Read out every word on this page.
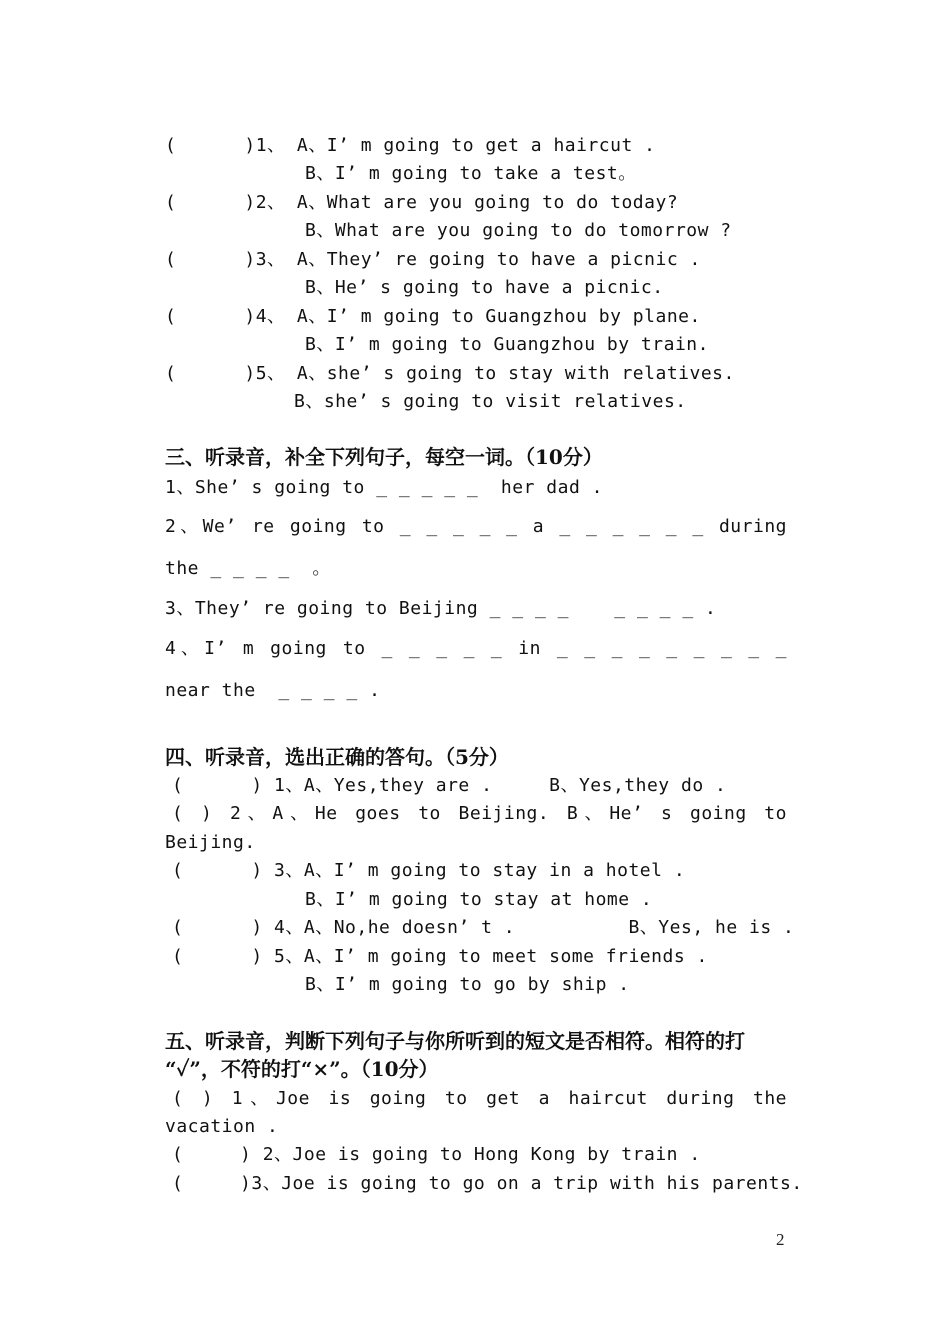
(      )1、 A、I’ m going to get a haircut .
B、I’ m going to take a test。
(      )2、 A、What are you going to do today?
B、What are you going to do tomorrow ?
(      )3、 A、They’ re going to have a picnic .
B、He’ s going to have a picnic.
(      )4、 A、I’ m going to Guangzhou by plane.
B、I’ m going to Guangzhou by train.
(      )5、 A、she’ s going to stay with relatives.
B、she’ s going to visit relatives.
三、听录音，补全下列句子，每空一词。（10分）
1、She’ s going to _ _ _ _ _  her dad .
2、We’ re going to _ _ _ _ _ a _ _ _ _ _ _ during
the _ _ _ _  。
3、They’ re going to Beijing _ _ _ _    _ _ _ _ .
4、I’ m going to _ _ _ _ _ in _ _ _ _ _ _ _ _ _
near the  _ _ _ _ .
四、听录音，选出正确的答句。（5分）
(      ) 1、A、Yes,they are .     B、Yes,they do .
( ) 2、A、He goes to Beijing. B、He’ s going to
Beijing.
(      ) 3、A、I’ m going to stay in a hotel .
B、I’ m going to stay at home .
(      ) 4、A、No,he doesn’ t .          B、Yes, he is .
(      ) 5、A、I’ m going to meet some friends .
B、I’ m going to go by ship .
五、听录音，判断下列句子与你所听到的短文是否相符。相符的打
“✓”，不符的打“×”。（10分）
( ) 1、Joe is going to get a haircut during the
vacation .
(     ) 2、Joe is going to Hong Kong by train .
(     )3、Joe is going to go on a trip with his parents.
2
